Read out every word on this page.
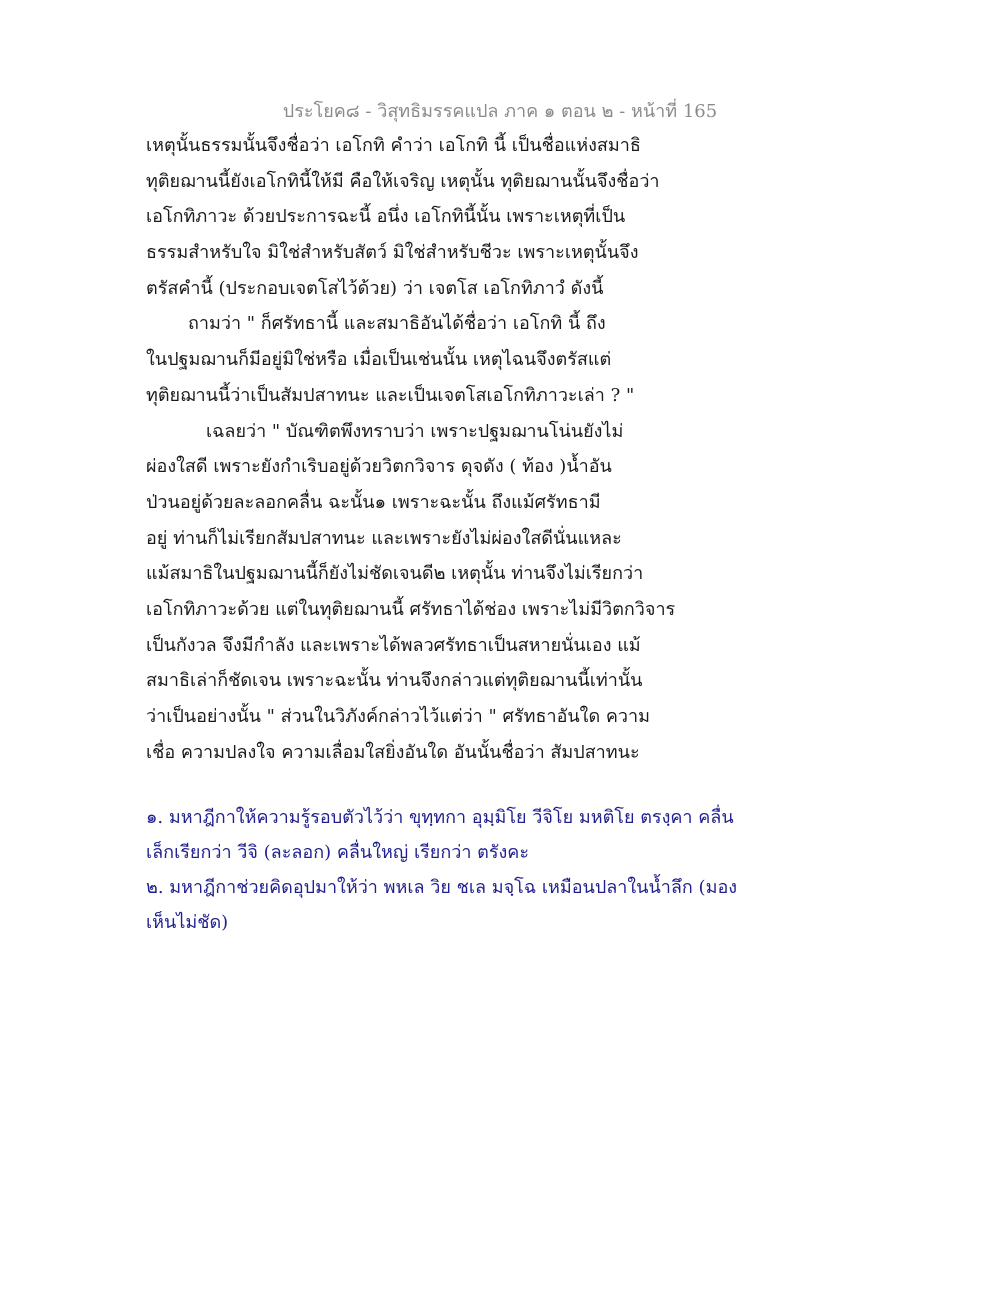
ประโยค๘ - วิสุทธิมรรคแปล ภาค ๑ ตอน ๒ - หน้าที่ 165
เหตุนั้นธรรมนั้นจึงชื่อว่า เอโกทิ คำว่า เอโกทิ นี้ เป็นชื่อแห่งสมาธิ
ทุติยฌานนี้ยังเอโกทินี้ให้มี คือให้เจริญ เหตุนั้น ทุติยฌานนั้นจึงชื่อว่า
เอโกทิภาวะ ด้วยประการฉะนี้ อนึ่ง เอโกทินี้นั้น เพราะเหตุที่เป็น
ธรรมสำหรับใจ มิใช่สำหรับสัตว์ มิใช่สำหรับชีวะ เพราะเหตุนั้นจึง
ตรัสคำนี้ (ประกอบเจตโสไว้ด้วย) ว่า เจตโส เอโกทิภาวํ ดังนี้
ถามว่า " ก็ศรัทธานี้ และสมาธิอันได้ชื่อว่า เอโกทิ นี้ ถึง
ในปฐมฌานก็มีอยู่มิใช่หรือ เมื่อเป็นเช่นนั้น เหตุไฉนจึงตรัสแต่
ทุติยฌานนี้ว่าเป็นสัมปสาทนะ และเป็นเจตโสเอโกทิภาวะเล่า ? "
เฉลยว่า " บัณฑิตพึงทราบว่า เพราะปฐมฌานโน่นยังไม่
ผ่องใสดี เพราะยังกำเริบอยู่ด้วยวิตกวิจาร ดุจดัง ( ท้อง )น้ำอัน
ป่วนอยู่ด้วยละลอกคลื่น ฉะนั้น๑ เพราะฉะนั้น ถึงแม้ศรัทธามี
อยู่ ท่านก็ไม่เรียกสัมปสาทนะ และเพราะยังไม่ผ่องใสดีนั่นแหละ
แม้สมาธิในปฐมฌานนี้ก็ยังไม่ชัดเจนดี๒ เหตุนั้น ท่านจึงไม่เรียกว่า
เอโกทิภาวะด้วย แต่ในทุติยฌานนี้ ศรัทธาได้ช่อง เพราะไม่มีวิตกวิจาร
เป็นกังวล จึงมีกำลัง และเพราะได้พลวศรัทธาเป็นสหายนั่นเอง แม้
สมาธิเล่าก็ชัดเจน เพราะฉะนั้น ท่านจึงกล่าวแต่ทุติยฌานนี้เท่านั้น
ว่าเป็นอย่างนั้น " ส่วนในวิภังค์กล่าวไว้แต่ว่า " ศรัทธาอันใด ความ
เชื่อ ความปลงใจ ความเลื่อมใสยิ่งอันใด อันนั้นชื่อว่า สัมปสาทนะ
๑. มหาฎีกาให้ความรู้รอบตัวไว้ว่า ขุทฺทกา อุมฺมิโย วีจิโย มหติโย ตรงฺคา คลื่น
เล็กเรียกว่า วีจิ (ละลอก) คลื่นใหญ่ เรียกว่า ตรังคะ
๒. มหาฎีกาช่วยคิดอุปมาให้ว่า พหเล วิย ชเล มจฺโฉ เหมือนปลาในน้ำลึก (มอง
เห็นไม่ชัด)
